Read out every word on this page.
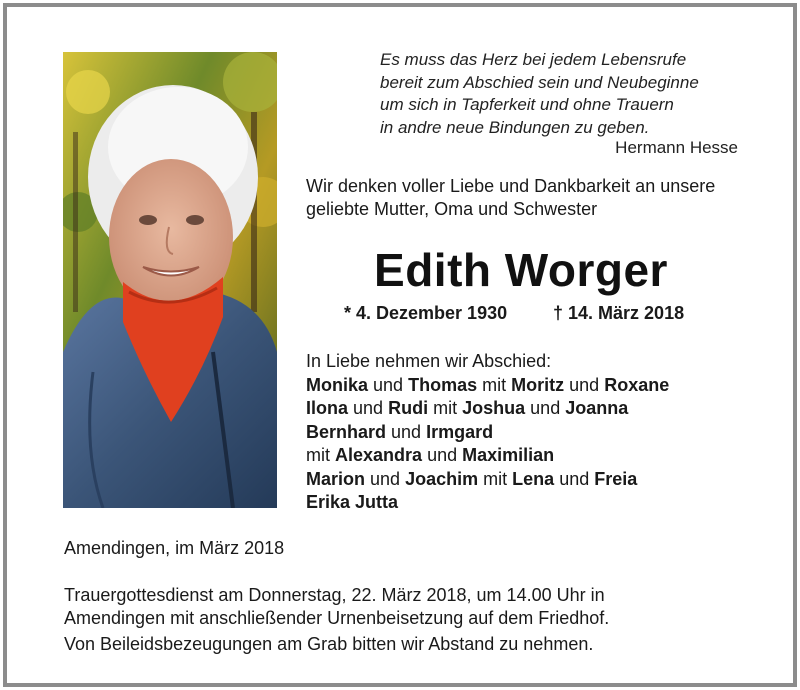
Es muss das Herz bei jedem Lebensrufe

bereit zum Abschied sein und Neubeginne

um sich in Tapferkeit und ohne Trauern

in andre neue Bindungen zu geben.

Hermann Hesse

Wir denken voller Liebe und Dankbarkeit an unsere

geliebte Mutter, Oma und Schwester

Edith Worger
* 4. Dezember 1930	† 14. März 2018

In Liebe nehmen wir Abschied:

Monika und Thomas mit Moritz und Roxane

Ilona und Rudi mit Joshua und Joanna

Bernhard und Irmgard

mit Alexandra und Maximilian

Marion und Joachim mit Lena und Freia

Erika Jutta

Amendingen, im März 2018

Trauergottesdienst am Donnerstag, 22. März 2018, um 14.00 Uhr in

Amendingen mit anschließender Urnenbeisetzung auf dem Friedhof.

Von Beileidsbezeugungen am Grab bitten wir Abstand zu nehmen.
